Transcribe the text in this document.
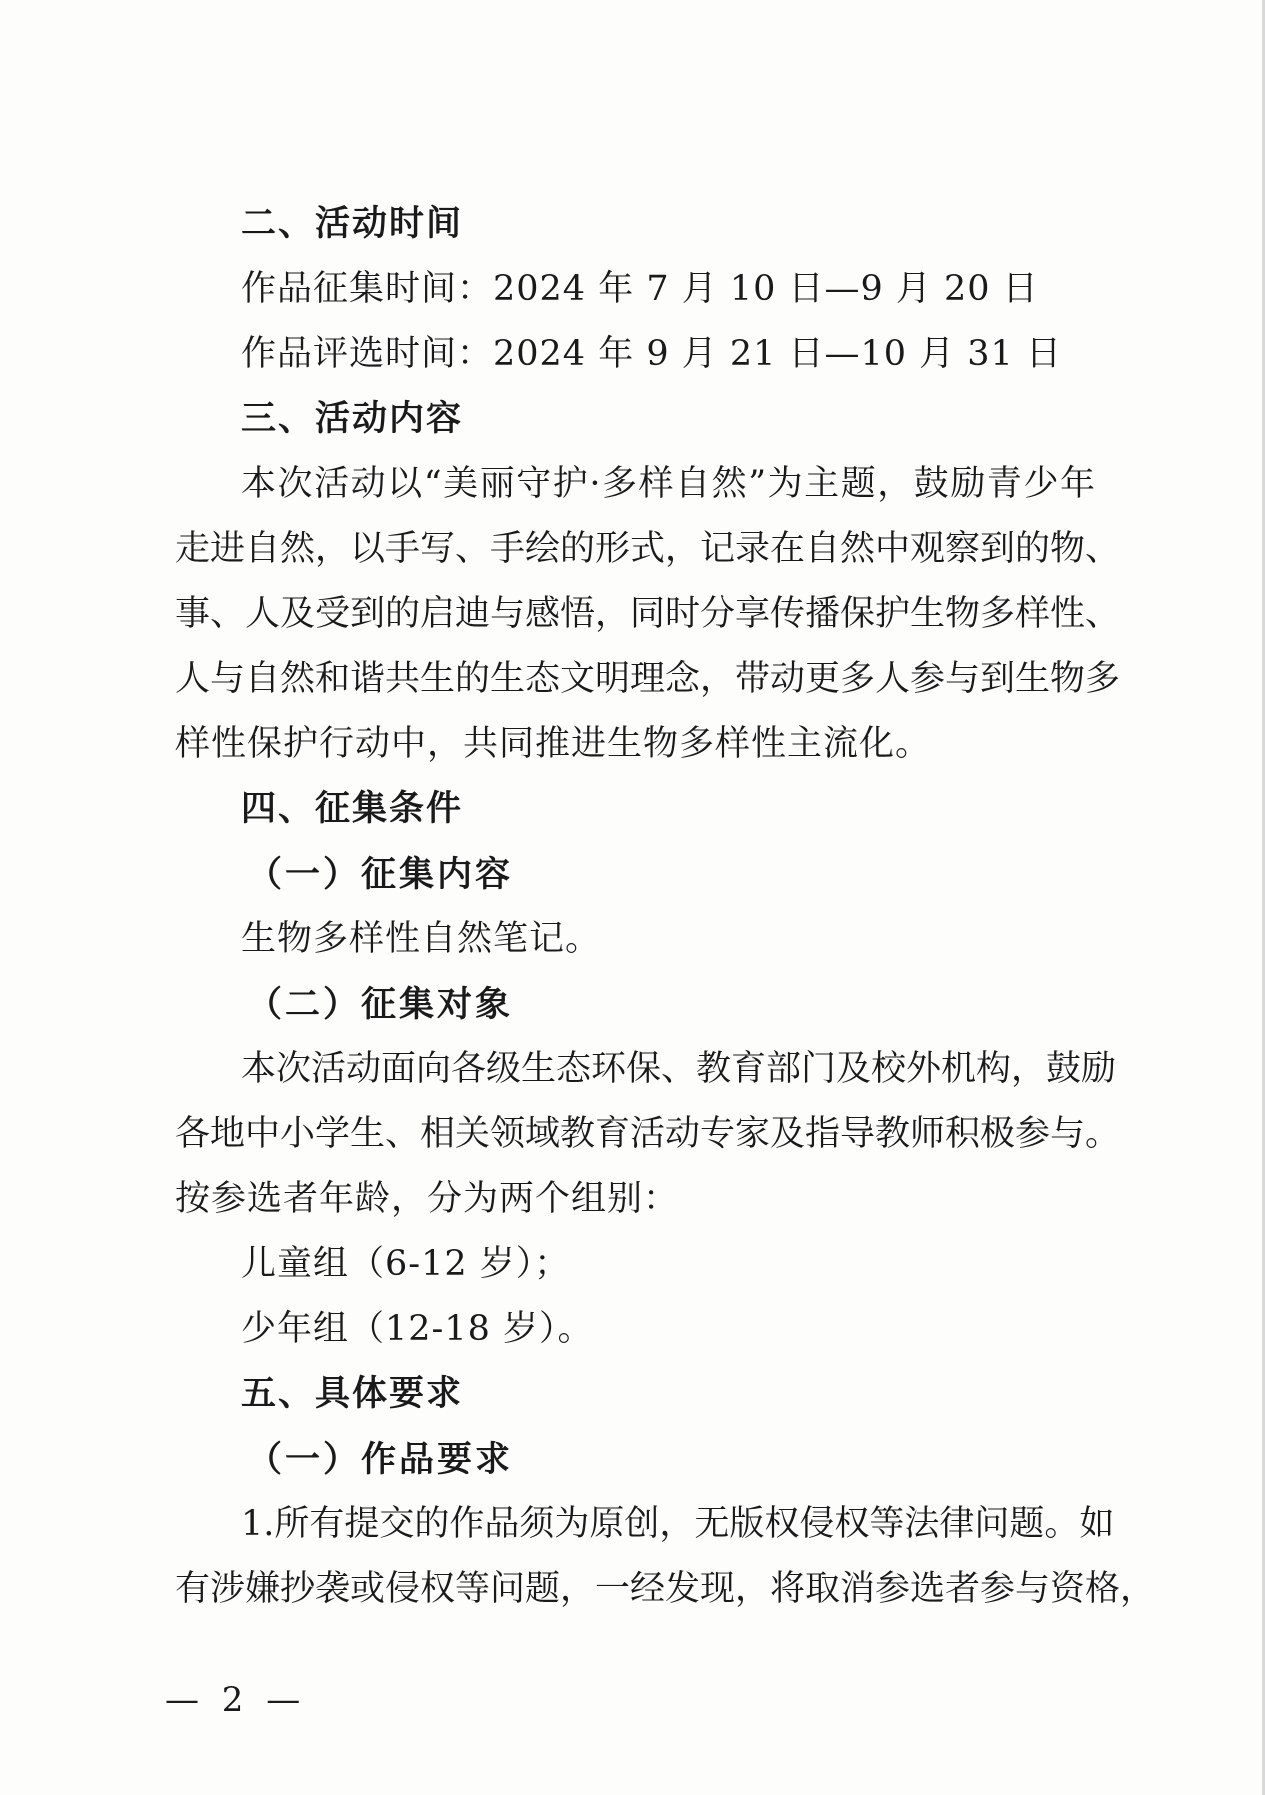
二、活动时间
作品征集时间：2024 年 7 月 10 日—9 月 20 日
作品评选时间：2024 年 9 月 21 日—10 月 31 日
三、活动内容
本次活动以“美丽守护·多样自然”为主题，鼓励青少年
走进自然，以手写、手绘的形式，记录在自然中观察到的物、
事、人及受到的启迪与感悟，同时分享传播保护生物多样性、
人与自然和谐共生的生态文明理念，带动更多人参与到生物多
样性保护行动中，共同推进生物多样性主流化。
四、征集条件
（一）征集内容
生物多样性自然笔记。
（二）征集对象
本次活动面向各级生态环保、教育部门及校外机构，鼓励
各地中小学生、相关领域教育活动专家及指导教师积极参与。
按参选者年龄，分为两个组别：
儿童组（6-12 岁）；
少年组（12-18 岁）。
五、具体要求
（一）作品要求
1.所有提交的作品须为原创，无版权侵权等法律问题。如
有涉嫌抄袭或侵权等问题，一经发现，将取消参选者参与资格，
— 2 —
